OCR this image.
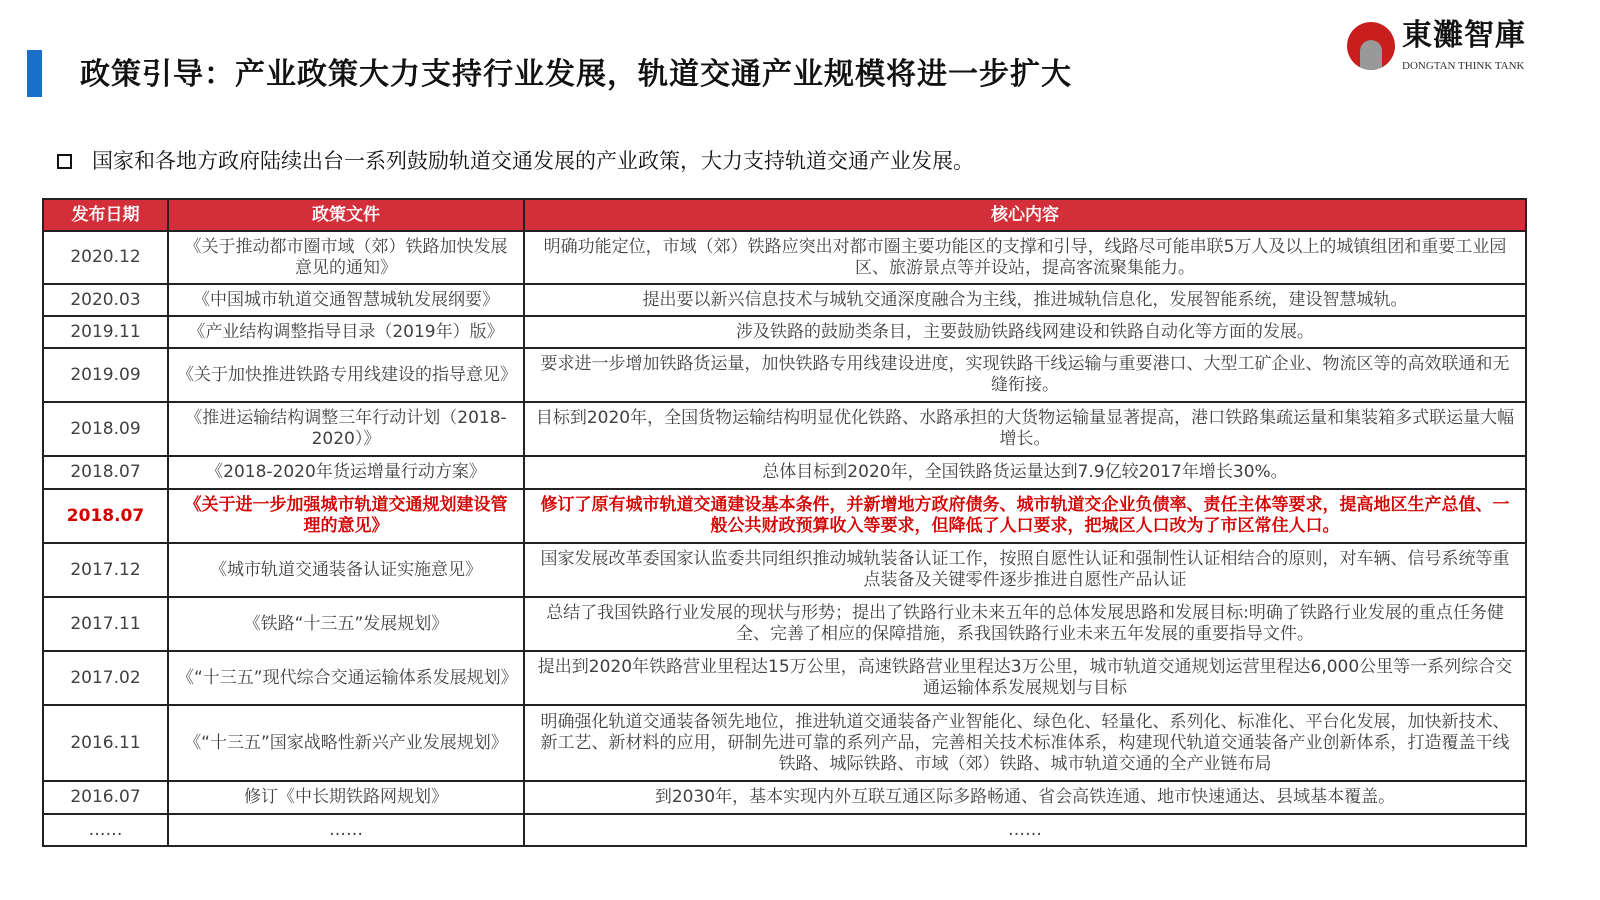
政策引导：产业政策大力支持行业发展，轨道交通产业规模将进一步扩大
東灘智庫
DONGTAN THINK TANK
国家和各地方政府陆续出台一系列鼓励轨道交通发展的产业政策，大力支持轨道交通产业发展。
发布日期	政策文件	核心内容
2020.12	《关于推动都市圈市域（郊）铁路加快发展意见的通知》	明确功能定位，市域（郊）铁路应突出对都市圈主要功能区的支撑和引导，线路尽可能串联5万人及以上的城镇组团和重要工业园区、旅游景点等并设站，提高客流聚集能力。
2020.03	《中国城市轨道交通智慧城轨发展纲要》	提出要以新兴信息技术与城轨交通深度融合为主线，推进城轨信息化，发展智能系统，建设智慧城轨。
2019.11	《产业结构调整指导目录（2019年）版》	涉及铁路的鼓励类条目，主要鼓励铁路线网建设和铁路自动化等方面的发展。
2019.09	《关于加快推进铁路专用线建设的指导意见》	要求进一步增加铁路货运量，加快铁路专用线建设进度，实现铁路干线运输与重要港口、大型工矿企业、物流区等的高效联通和无缝衔接。
2018.09	《推进运输结构调整三年行动计划（2018-2020）》	目标到2020年，全国货物运输结构明显优化铁路、水路承担的大货物运输量显著提高，港口铁路集疏运量和集装箱多式联运量大幅增长。
2018.07	《2018-2020年货运增量行动方案》	总体目标到2020年，全国铁路货运量达到7.9亿较2017年增长30%。
2018.07	《关于进一步加强城市轨道交通规划建设管理的意见》	修订了原有城市轨道交通建设基本条件，并新增地方政府债务、城市轨道交企业负债率、责任主体等要求，提高地区生产总值、一般公共财政预算收入等要求，但降低了人口要求，把城区人口改为了市区常住人口。
2017.12	《城市轨道交通装备认证实施意见》	国家发展改革委国家认监委共同组织推动城轨装备认证工作，按照自愿性认证和强制性认证相结合的原则，对车辆、信号系统等重点装备及关键零件逐步推进自愿性产品认证
2017.11	《铁路“十三五”发展规划》	总结了我国铁路行业发展的现状与形势；提出了铁路行业未来五年的总体发展思路和发展目标:明确了铁路行业发展的重点任务健全、完善了相应的保障措施，系我国铁路行业未来五年发展的重要指导文件。
2017.02	《“十三五”现代综合交通运输体系发展规划》	提出到2020年铁路营业里程达15万公里，高速铁路营业里程达3万公里，城市轨道交通规划运营里程达6,000公里等一系列综合交通运输体系发展规划与目标
2016.11	《“十三五”国家战略性新兴产业发展规划》	明确强化轨道交通装备领先地位，推进轨道交通装备产业智能化、绿色化、轻量化、系列化、标准化、平台化发展，加快新技术、新工艺、新材料的应用，研制先进可靠的系列产品，完善相关技术标准体系，构建现代轨道交通装备产业创新体系，打造覆盖干线铁路、城际铁路、市域（郊）铁路、城市轨道交通的全产业链布局
2016.07	修订《中长期铁路网规划》	到2030年，基本实现内外互联互通区际多路畅通、省会高铁连通、地市快速通达、县域基本覆盖。
……	……	……
